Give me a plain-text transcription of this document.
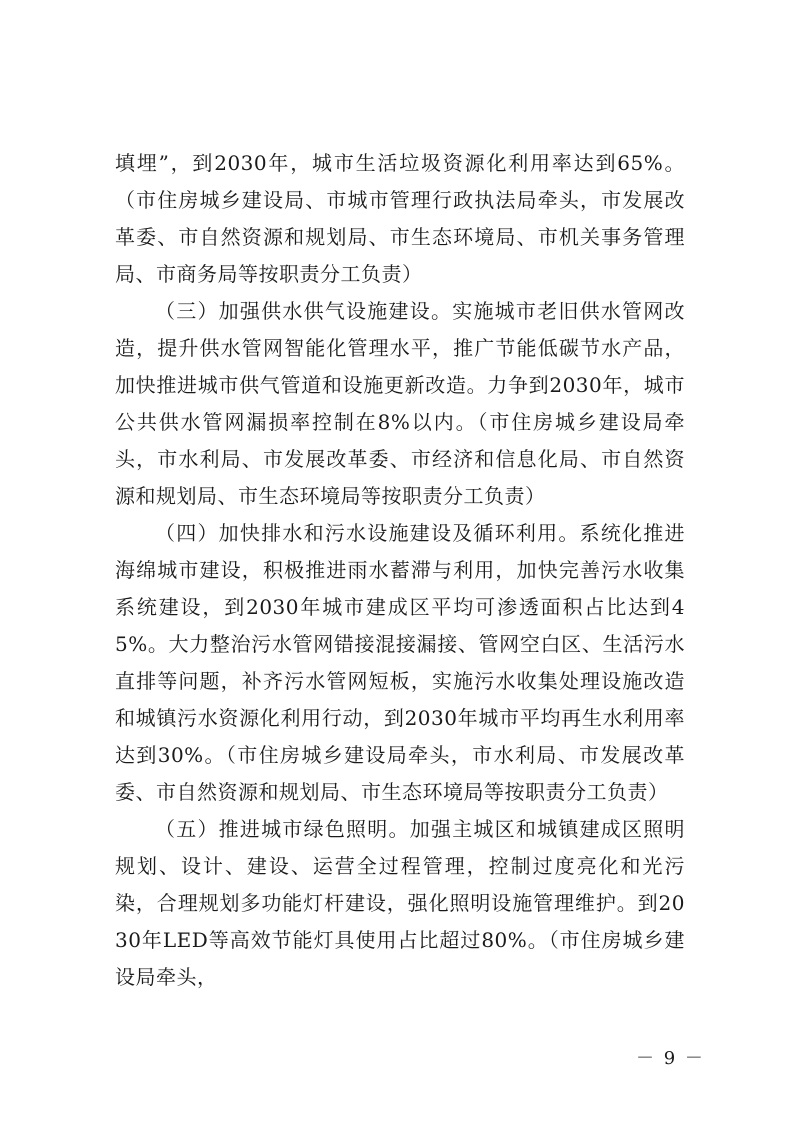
填埋”，到2030年，城市生活垃圾资源化利用率达到65%。（市住房城乡建设局、市城市管理行政执法局牵头，市发展改革委、市自然资源和规划局、市生态环境局、市机关事务管理局、市商务局等按职责分工负责）

（三）加强供水供气设施建设。实施城市老旧供水管网改造，提升供水管网智能化管理水平，推广节能低碳节水产品，加快推进城市供气管道和设施更新改造。力争到2030年，城市公共供水管网漏损率控制在8%以内。（市住房城乡建设局牵头，市水利局、市发展改革委、市经济和信息化局、市自然资源和规划局、市生态环境局等按职责分工负责）

（四）加快排水和污水设施建设及循环利用。系统化推进海绵城市建设，积极推进雨水蓄滞与利用，加快完善污水收集系统建设，到2030年城市建成区平均可渗透面积占比达到45%。大力整治污水管网错接混接漏接、管网空白区、生活污水直排等问题，补齐污水管网短板，实施污水收集处理设施改造和城镇污水资源化利用行动，到2030年城市平均再生水利用率达到30%。（市住房城乡建设局牵头，市水利局、市发展改革委、市自然资源和规划局、市生态环境局等按职责分工负责）

（五）推进城市绿色照明。加强主城区和城镇建成区照明规划、设计、建设、运营全过程管理，控制过度亮化和光污染，合理规划多功能灯杆建设，强化照明设施管理维护。到2030年LED等高效节能灯具使用占比超过80%。（市住房城乡建设局牵头，

－ 9 －
